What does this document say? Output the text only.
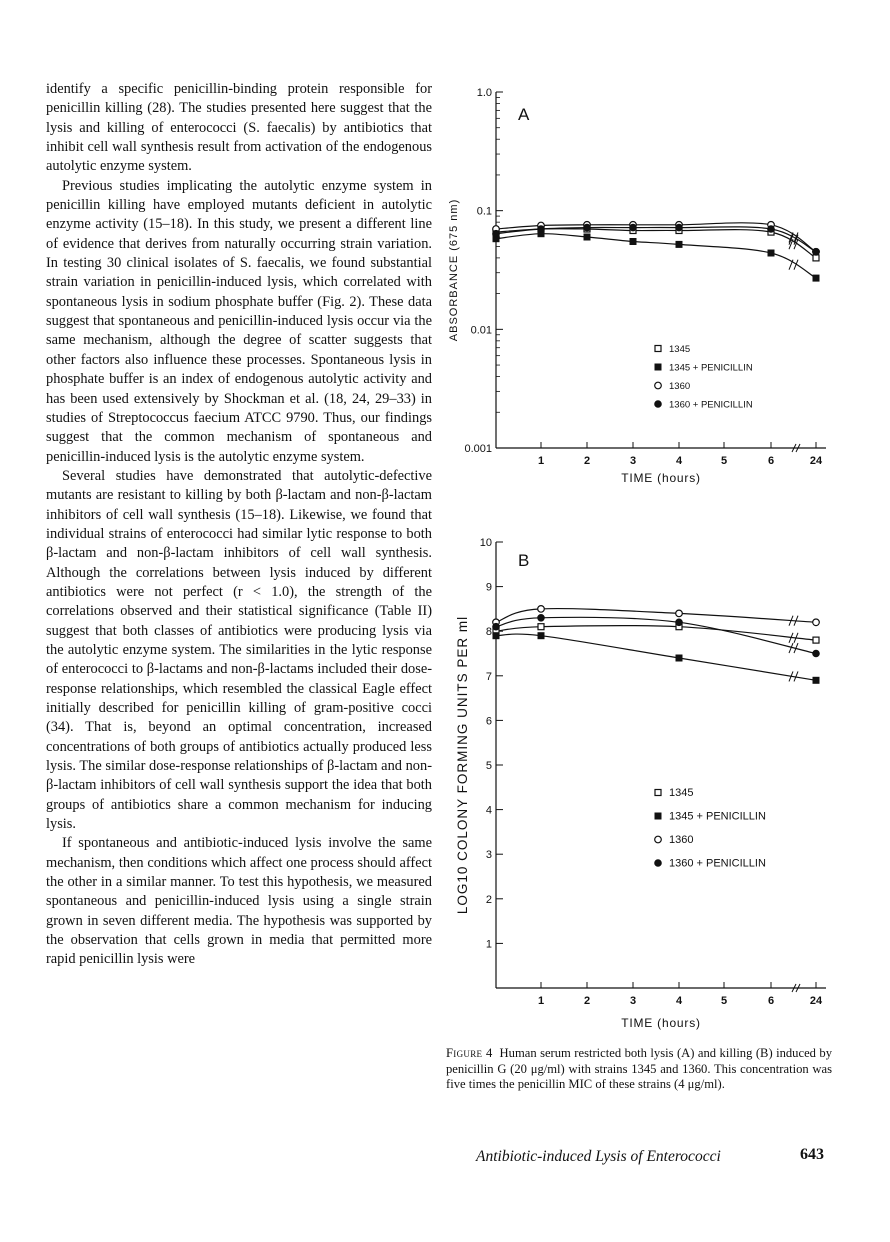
identify a specific penicillin-binding protein responsible for penicillin killing (28). The studies presented here suggest that the lysis and killing of enterococci (S. faecalis) by antibiotics that inhibit cell wall synthesis result from activation of the endogenous autolytic enzyme system.

Previous studies implicating the autolytic enzyme system in penicillin killing have employed mutants deficient in autolytic enzyme activity (15–18). In this study, we present a different line of evidence that derives from naturally occurring strain variation. In testing 30 clinical isolates of S. faecalis, we found substantial strain variation in penicillin-induced lysis, which correlated with spontaneous lysis in sodium phosphate buffer (Fig. 2). These data suggest that spontaneous and penicillin-induced lysis occur via the same mechanism, although the degree of scatter suggests that other factors also influence these processes. Spontaneous lysis in phosphate buffer is an index of endogenous autolytic activity and has been used extensively by Shockman et al. (18, 24, 29–33) in studies of Streptococcus faecium ATCC 9790. Thus, our findings suggest that the common mechanism of spontaneous and penicillin-induced lysis is the autolytic enzyme system.

Several studies have demonstrated that autolytic-defective mutants are resistant to killing by both β-lactam and non-β-lactam inhibitors of cell wall synthesis (15–18). Likewise, we found that individual strains of enterococci had similar lytic response to both β-lactam and non-β-lactam inhibitors of cell wall synthesis. Although the correlations between lysis induced by different antibiotics were not perfect (r < 1.0), the strength of the correlations observed and their statistical significance (Table II) suggest that both classes of antibiotics were producing lysis via the autolytic enzyme system. The similarities in the lytic response of enterococci to β-lactams and non-β-lactams included their dose-response relationships, which resembled the classical Eagle effect initially described for penicillin killing of gram-positive cocci (34). That is, beyond an optimal concentration, increased concentrations of both groups of antibiotics actually produced less lysis. The similar dose-response relationships of β-lactam and non-β-lactam inhibitors of cell wall synthesis support the idea that both groups of antibiotics share a common mechanism for inducing lysis.

If spontaneous and antibiotic-induced lysis involve the same mechanism, then conditions which affect one process should affect the other in a similar manner. To test this hypothesis, we measured spontaneous and penicillin-induced lysis using a single strain grown in seven different media. The hypothesis was supported by the observation that cells grown in media that permitted more rapid penicillin lysis were

0.001
0.01
0.1
1.0
1	2	3	4	5	6	24
A
ABSORBANCE (675 nm)
TIME (hours)
1345
1345 + PENICILLIN
1360
1360 + PENICILLIN
1
2
3
4
5
6
7
8
9
10
1	2	3	4	5	6	24
B
LOG10 COLONY FORMING UNITS PER ml
TIME (hours)
1345
1345 + PENICILLIN
1360
1360 + PENICILLIN
Figure 4 Human serum restricted both lysis (A) and killing (B) induced by penicillin G (20 μg/ml) with strains 1345 and 1360. This concentration was five times the penicillin MIC of these strains (4 μg/ml).
Antibiotic-induced Lysis of Enterococci	643
